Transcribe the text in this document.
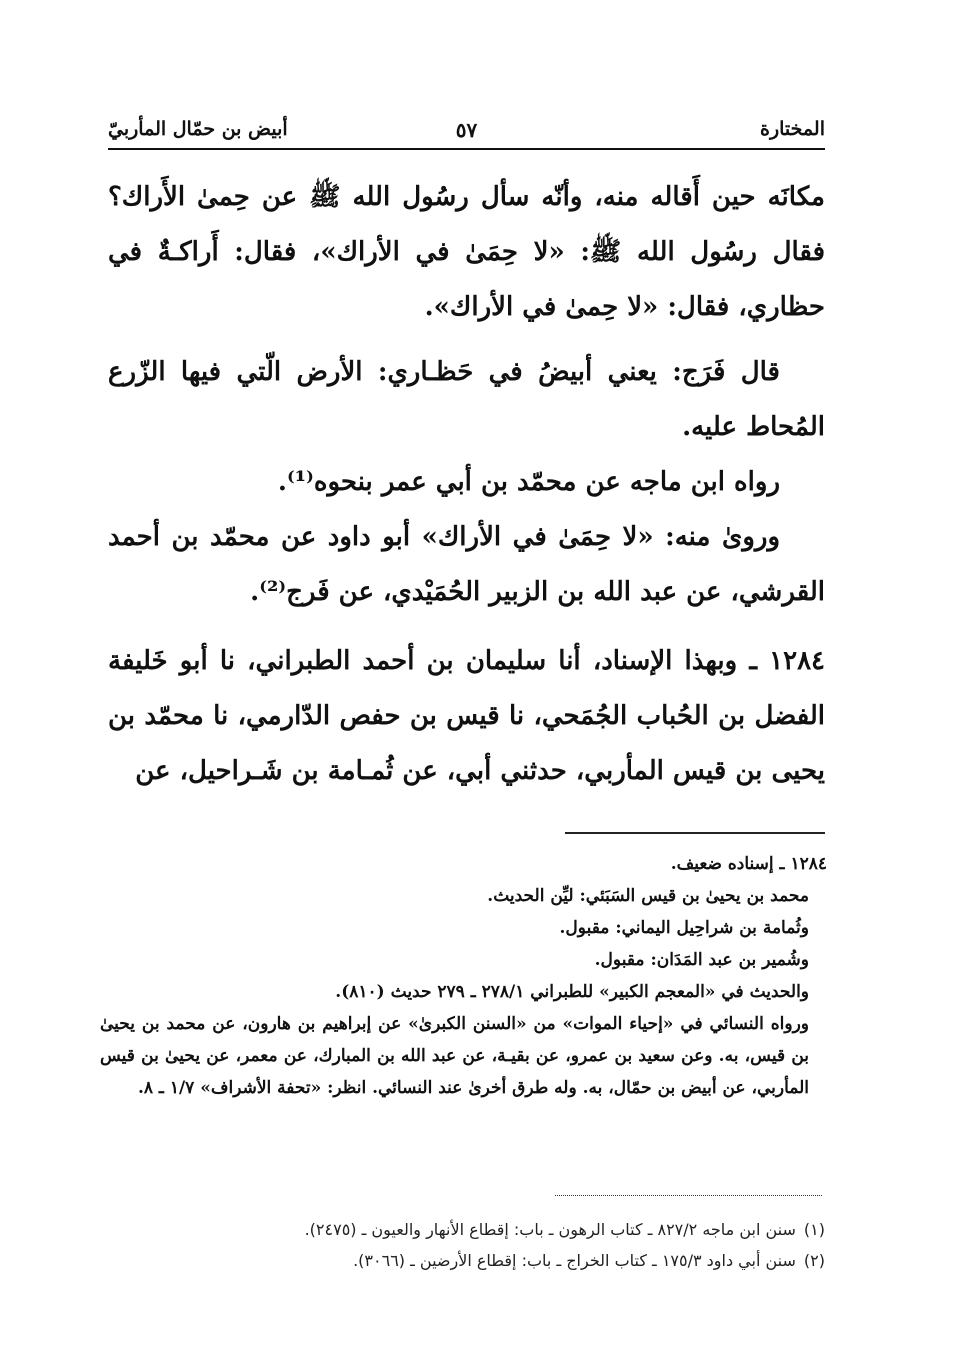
المختارة
٥٧
أبيض بن حمّال المأربيّ

مكانَه حين أَقاله منه، وأنّه سأل رسُول الله ﷺ عن حِمىٰ الأَراك؟ فقال رسُول الله ﷺ: «لا حِمَىٰ في الأراك»، فقال: أَراكـةٌ في حظاري، فقال: «لا حِمىٰ في الأراك».

قال فَرَج: يعني أبيضُ في حَظـاري: الأرض الّتي فيها الزّرع المُحاط عليه.

رواه ابن ماجه عن محمّد بن أبي عمر بنحوه⁽¹⁾.

وروىٰ منه: «لا حِمَىٰ في الأراك» أبو داود عن محمّد بن أحمد القرشي، عن عبد الله بن الزبير الحُمَيْدي، عن فَرج⁽²⁾.

١٢٨٤ ـ وبهذا الإسناد، أنا سليمان بن أحمد الطبراني، نا أبو خَليفة الفضل بن الحُباب الجُمَحي، نا قيس بن حفص الدّارمي، نا محمّد بن يحيى بن قيس المأربي، حدثني أبي، عن ثُمـامة بن شَـراحيل، عن

١٢٨٤ ـ إسناده ضعيف.

محمد بن يحيىٰ بن قيس السَبَئي: ليِّن الحديث.

وثُمامة بن شراحِيل اليماني: مقبول.

وشُمير بن عبد المَدَان: مقبول.

والحديث في «المعجم الكبير» للطبراني ٢٧٨/١ ـ ٢٧٩ حديث (٨١٠).

ورواه النسائي في «إحياء الموات» من «السنن الكبرىٰ» عن إبراهيم بن هارون، عن محمد بن يحيىٰ بن قيس، به. وعن سعيد بن عمرو، عن بقيـة، عن عبد الله بن المبارك، عن معمر، عن يحيىٰ بن قيس المأربي، عن أبيض بن حمّال، به. وله طرق أخرىٰ عند النسائي. انظر: «تحفة الأشراف» ١/٧ ـ ٨.

(١)سنن ابن ماجه ٨٢٧/٢ ـ كتاب الرهون ـ باب: إقطاع الأنهار والعيون ـ (٢٤٧٥).

(٢)سنن أبي داود ١٧٥/٣ ـ كتاب الخراج ـ باب: إقطاع الأرضين ـ (٣٠٦٦).
